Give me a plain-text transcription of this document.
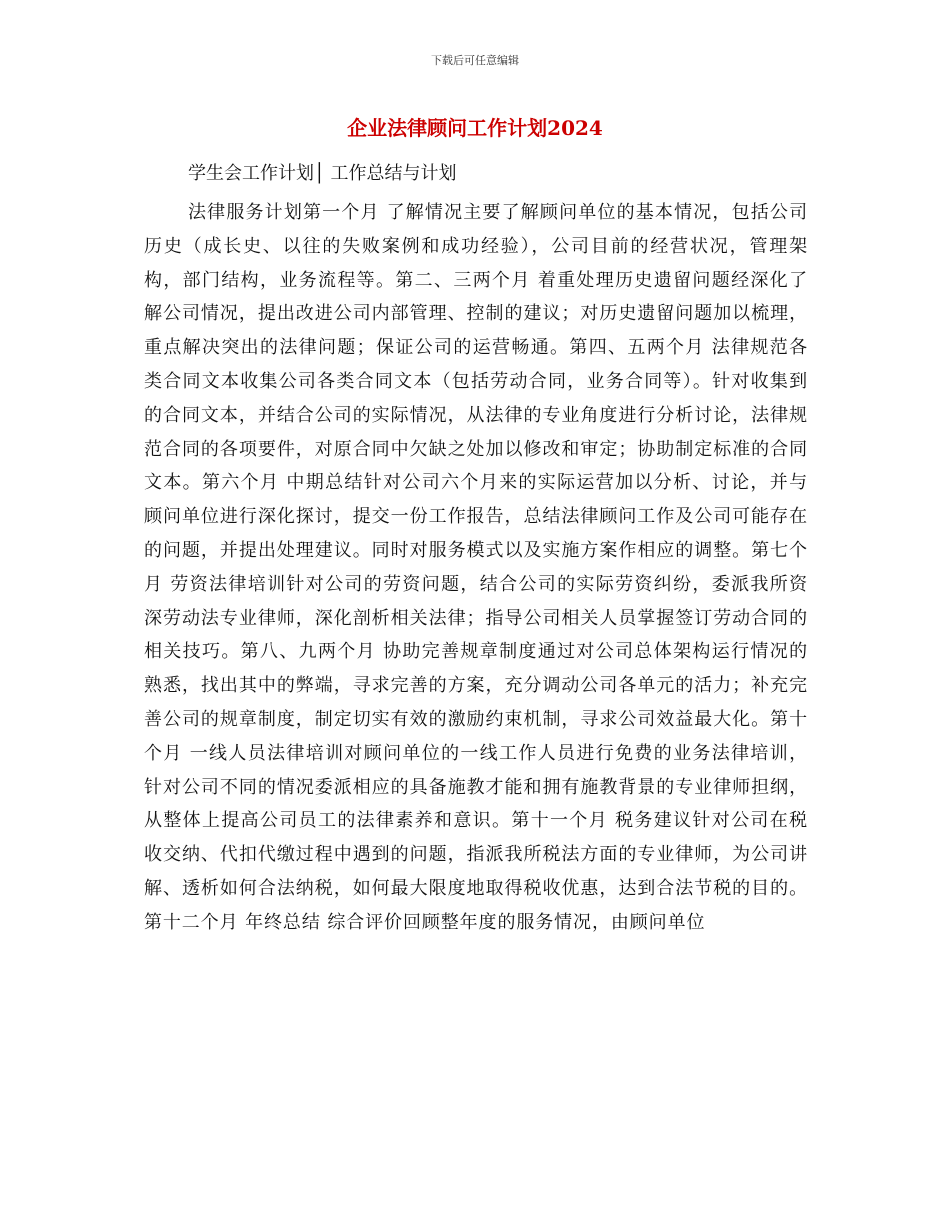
下载后可任意编辑
企业法律顾问工作计划2024
学生会工作计划│ 工作总结与计划

法律服务计划第一个月 了解情况主要了解顾问单位的基本情况，包括公司历史（成长史、以往的失败案例和成功经验），公司目前的经营状况，管理架构，部门结构，业务流程等。第二、三两个月 着重处理历史遗留问题经深化了解公司情况，提出改进公司内部管理、控制的建议；对历史遗留问题加以梳理，重点解决突出的法律问题；保证公司的运营畅通。第四、五两个月 法律规范各类合同文本收集公司各类合同文本（包括劳动合同，业务合同等）。针对收集到的合同文本，并结合公司的实际情况，从法律的专业角度进行分析讨论，法律规范合同的各项要件，对原合同中欠缺之处加以修改和审定；协助制定标准的合同文本。第六个月 中期总结针对公司六个月来的实际运营加以分析、讨论，并与顾问单位进行深化探讨，提交一份工作报告，总结法律顾问工作及公司可能存在的问题，并提出处理建议。同时对服务模式以及实施方案作相应的调整。第七个月 劳资法律培训针对公司的劳资问题，结合公司的实际劳资纠纷，委派我所资深劳动法专业律师，深化剖析相关法律；指导公司相关人员掌握签订劳动合同的相关技巧。第八、九两个月 协助完善规章制度通过对公司总体架构运行情况的熟悉，找出其中的弊端，寻求完善的方案，充分调动公司各单元的活力；补充完善公司的规章制度，制定切实有效的激励约束机制，寻求公司效益最大化。第十个月 一线人员法律培训对顾问单位的一线工作人员进行免费的业务法律培训，针对公司不同的情况委派相应的具备施教才能和拥有施教背景的专业律师担纲，从整体上提高公司员工的法律素养和意识。第十一个月 税务建议针对公司在税收交纳、代扣代缴过程中遇到的问题，指派我所税法方面的专业律师，为公司讲解、透析如何合法纳税，如何最大限度地取得税收优惠，达到合法节税的目的。第十二个月 年终总结 综合评价回顾整年度的服务情况，由顾问单位
